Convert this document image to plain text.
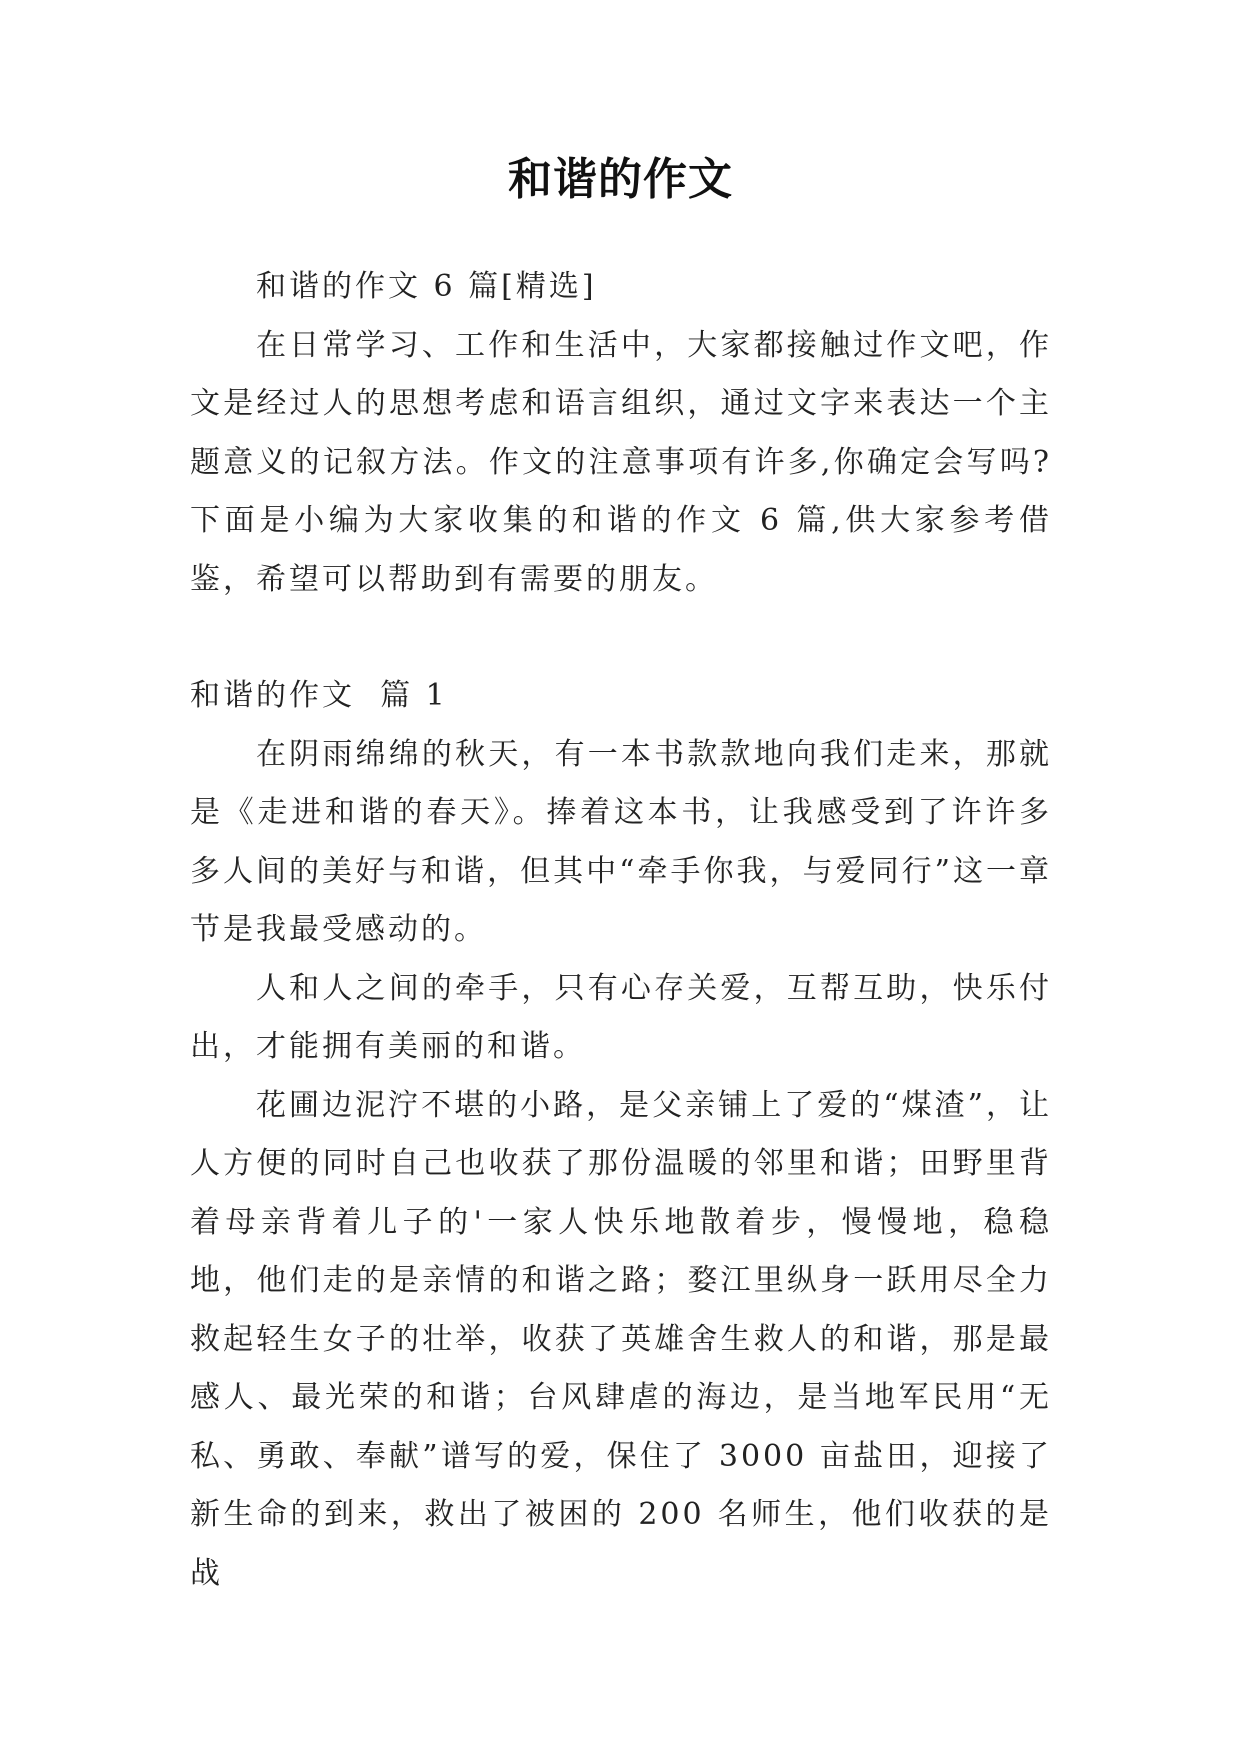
和谐的作文

和谐的作文 6 篇[精选]

在日常学习、工作和生活中，大家都接触过作文吧，作文是经过人的思想考虑和语言组织，通过文字来表达一个主题意义的记叙方法。作文的注意事项有许多,你确定会写吗?下面是小编为大家收集的和谐的作文 6 篇,供大家参考借鉴，希望可以帮助到有需要的朋友。

和谐的作文  篇 1

在阴雨绵绵的秋天，有一本书款款地向我们走来，那就是《走进和谐的春天》。捧着这本书，让我感受到了许许多多人间的美好与和谐，但其中“牵手你我，与爱同行”这一章节是我最受感动的。

人和人之间的牵手，只有心存关爱，互帮互助，快乐付出，才能拥有美丽的和谐。

花圃边泥泞不堪的小路，是父亲铺上了爱的“煤渣”，让人方便的同时自己也收获了那份温暖的邻里和谐；田野里背着母亲背着儿子的'一家人快乐地散着步，慢慢地，稳稳地，他们走的是亲情的和谐之路；婺江里纵身一跃用尽全力救起轻生女子的壮举，收获了英雄舍生救人的和谐，那是最感人、最光荣的和谐；台风肆虐的海边，是当地军民用“无私、勇敢、奉献”谱写的爱，保住了 3000 亩盐田，迎接了新生命的到来，救出了被困的 200 名师生，他们收获的是战
